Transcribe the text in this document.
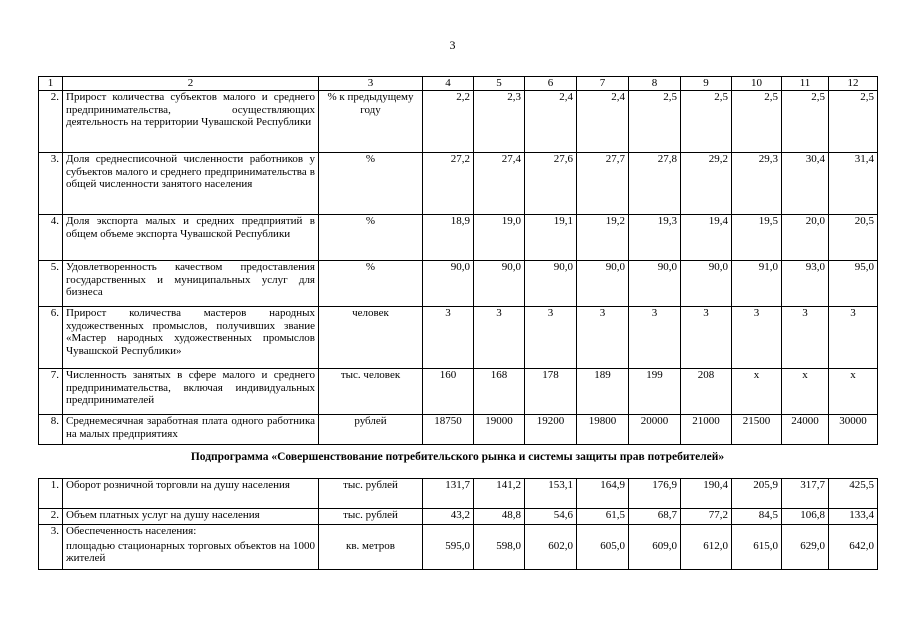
3
1	2	3	4	5	6	7	8	9	10	11	12
2.	Прирост количества субъектов малого и среднего предпринимательства, осуществляющих деятельность на территории Чувашской Республики	% к предыдущему году	2,2	2,3	2,4	2,4	2,5	2,5	2,5	2,5	2,5
3.	Доля среднесписочной численности работников у субъектов малого и среднего предпринимательства в общей численности занятого населения	%	27,2	27,4	27,6	27,7	27,8	29,2	29,3	30,4	31,4
4.	Доля экспорта малых и средних предприятий в общем объеме экспорта Чувашской Республики	%	18,9	19,0	19,1	19,2	19,3	19,4	19,5	20,0	20,5
5.	Удовлетворенность качеством предоставления государственных и муниципальных услуг для бизнеса	%	90,0	90,0	90,0	90,0	90,0	90,0	91,0	93,0	95,0
6.	Прирост количества мастеров народных художественных промыслов, получивших звание «Мастер народных художественных промыслов Чувашской Республики»	человек	3	3	3	3	3	3	3	3	3
7.	Численность занятых в сфере малого и среднего предпринимательства, включая индивидуальных предпринимателей	тыс. человек	160	168	178	189	199	208	x	x	x
8.	Среднемесячная заработная плата одного работника на малых предприятиях	рублей	18750	19000	19200	19800	20000	21000	21500	24000	30000
Подпрограмма «Совершенствование потребительского рынка и системы защиты прав потребителей»
1.	Оборот розничной торговли на душу населения	тыс. рублей	131,7	141,2	153,1	164,9	176,9	190,4	205,9	317,7	425,5
2.	Объем платных услуг на душу населения	тыс. рублей	43,2	48,8	54,6	61,5	68,7	77,2	84,5	106,8	133,4
3.	Обеспеченность населения:										
	площадью стационарных торговых объектов на 1000 жителей	кв. метров	595,0	598,0	602,0	605,0	609,0	612,0	615,0	629,0	642,0
